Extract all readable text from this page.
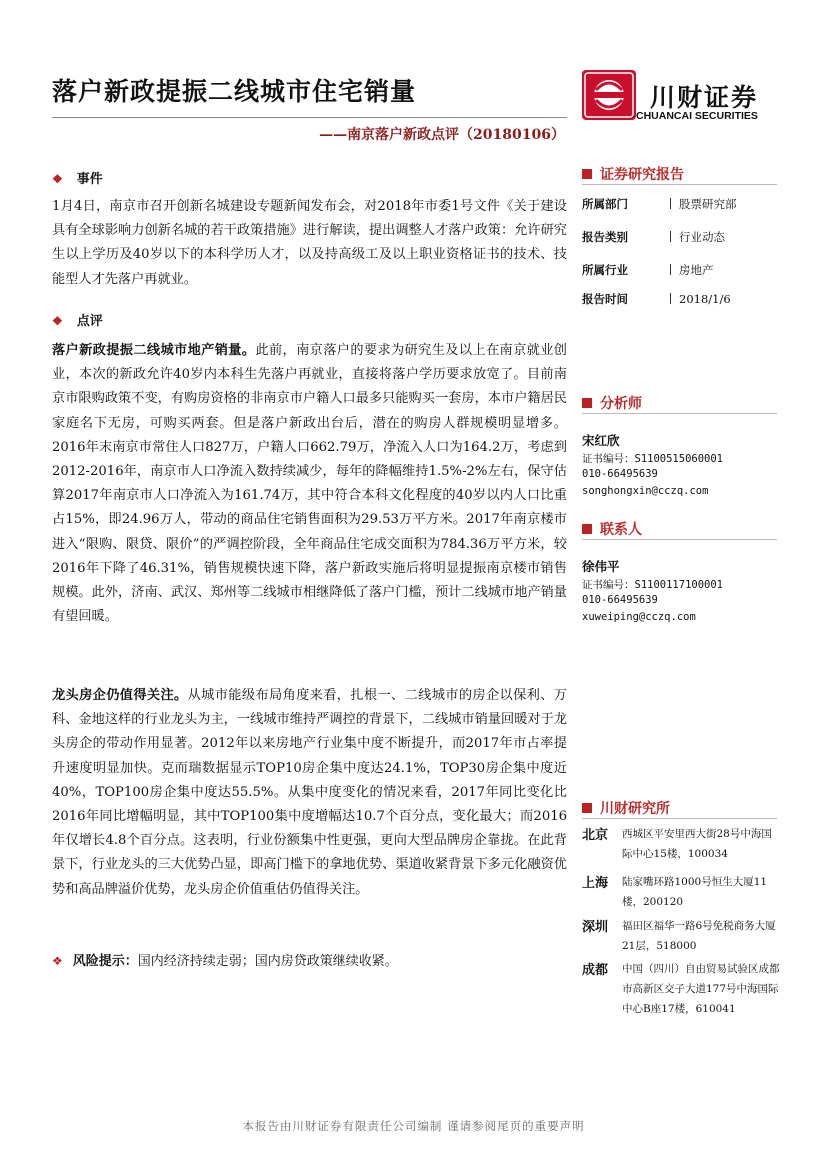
落户新政提振二线城市住宅销量
——南京落户新政点评（20180106）
川财证券
CHUANCAI SECURITIES
❖ 事件
1月4日，南京市召开创新名城建设专题新闻发布会，对2018年市委1号文件《关于建设具有全球影响力创新名城的若干政策措施》进行解读，提出调整人才落户政策：允许研究生以上学历及40岁以下的本科学历人才，以及持高级工及以上职业资格证书的技术、技能型人才先落户再就业。
❖ 点评
落户新政提振二线城市地产销量。此前，南京落户的要求为研究生及以上在南京就业创业，本次的新政允许40岁内本科生先落户再就业，直接将落户学历要求放宽了。目前南京市限购政策不变，有购房资格的非南京市户籍人口最多只能购买一套房，本市户籍居民家庭名下无房，可购买两套。但是落户新政出台后，潜在的购房人群规模明显增多。2016年末南京市常住人口827万，户籍人口662.79万，净流入人口为164.2万，考虑到2012-2016年，南京市人口净流入数持续减少，每年的降幅维持1.5%-2%左右，保守估算2017年南京市人口净流入为161.74万，其中符合本科文化程度的40岁以内人口比重占15%，即24.96万人，带动的商品住宅销售面积为29.53万平方米。2017年南京楼市进入“限购、限贷、限价”的严调控阶段，全年商品住宅成交面积为784.36万平方米，较2016年下降了46.31%，销售规模快速下降，落户新政实施后将明显提振南京楼市销售规模。此外，济南、武汉、郑州等二线城市相继降低了落户门槛，预计二线城市地产销量有望回暖。
龙头房企仍值得关注。从城市能级布局角度来看，扎根一、二线城市的房企以保利、万科、金地这样的行业龙头为主，一线城市维持严调控的背景下，二线城市销量回暖对于龙头房企的带动作用显著。2012年以来房地产行业集中度不断提升，而2017年市占率提升速度明显加快。克而瑞数据显示TOP10房企集中度达24.1%，TOP30房企集中度近40%，TOP100房企集中度达55.5%。从集中度变化的情况来看，2017年同比变化比2016年同比增幅明显，其中TOP100集中度增幅达10.7个百分点，变化最大；而2016年仅增长4.8个百分点。这表明，行业份额集中性更强，更向大型品牌房企靠拢。在此背景下，行业龙头的三大优势凸显，即高门槛下的拿地优势、渠道收紧背景下多元化融资优势和高品牌溢价优势，龙头房企价值重估仍值得关注。
❖ 风险提示：国内经济持续走弱；国内房贷政策继续收紧。
证券研究报告
所属部门	股票研究部
报告类别	行业动态
所属行业	房地产
报告时间	2018/1/6
分析师
宋红欣
证书编号：S1100515060001
010-66495639
songhongxin@cczq.com
联系人
徐伟平
证书编号：S1100117100001
010-66495639
xuweiping@cczq.com
川财研究所
北京 西城区平安里西大街28号中海国际中心15楼，100034
上海 陆家嘴环路1000号恒生大厦11楼，200120
深圳 福田区福华一路6号免税商务大厦21层，518000
成都 中国（四川）自由贸易试验区成都市高新区交子大道177号中海国际中心B座17楼，610041
本报告由川财证券有限责任公司编制 谨请参阅尾页的重要声明
